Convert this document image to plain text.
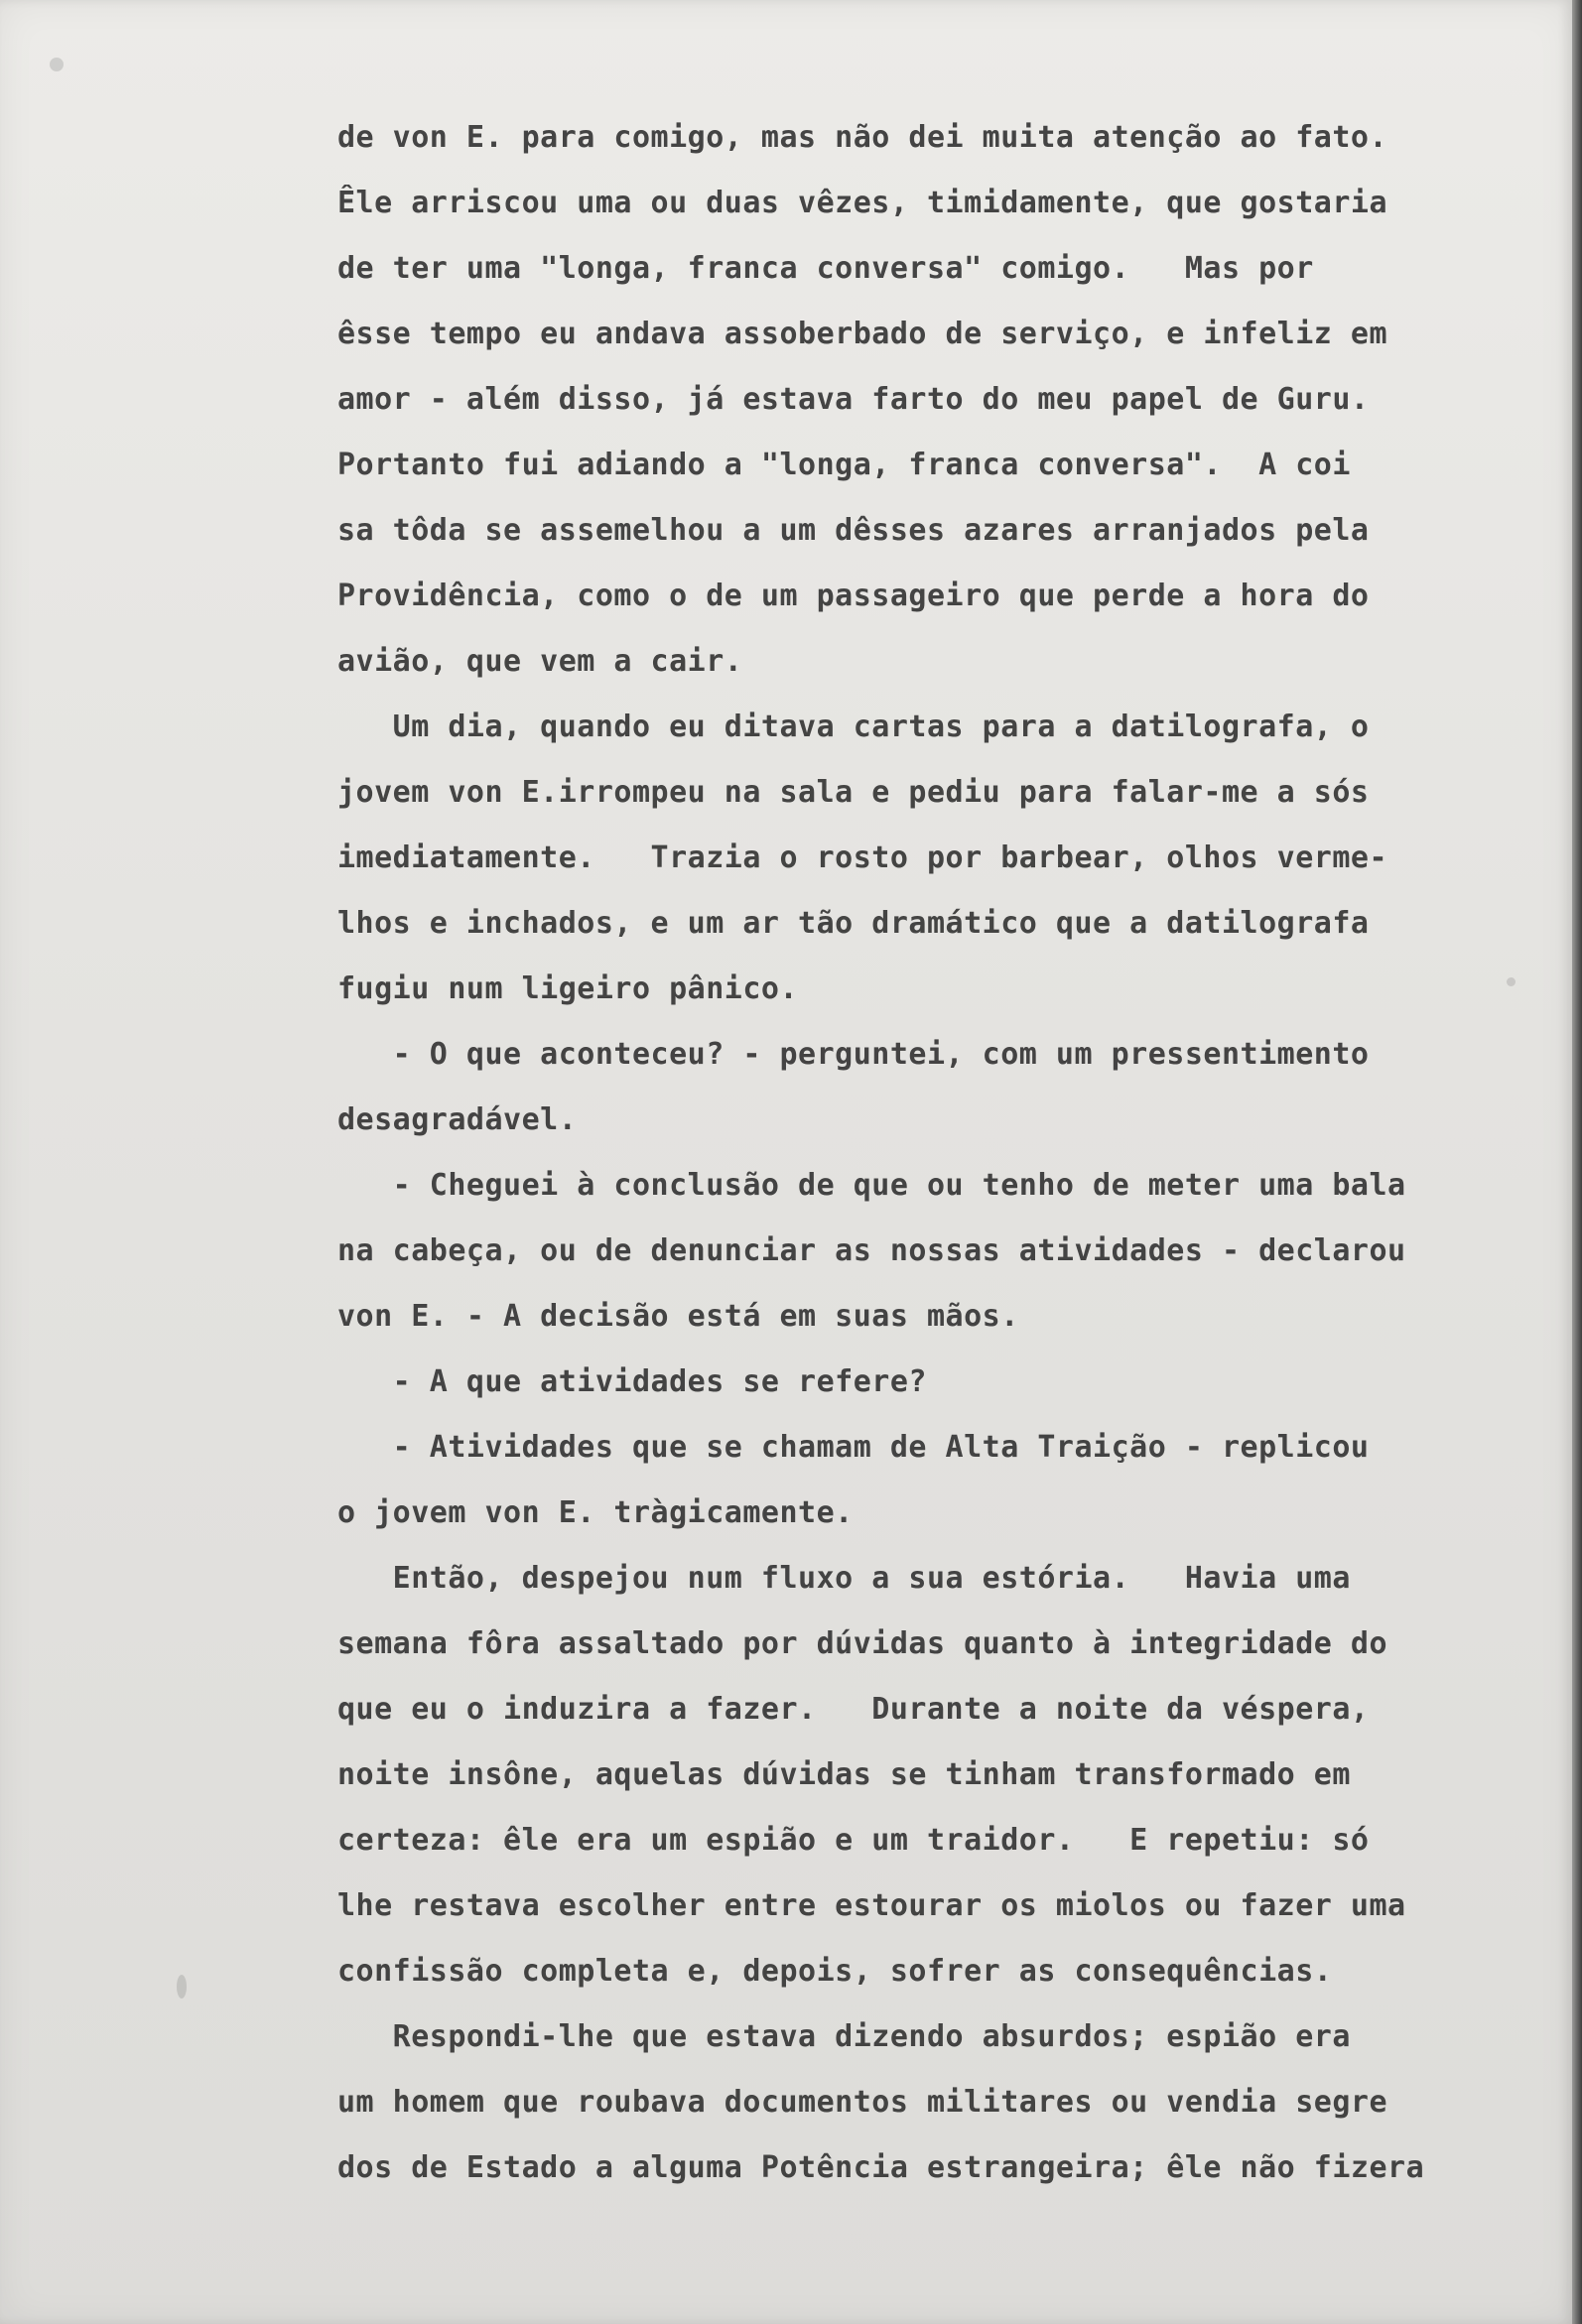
de von E. para comigo, mas não dei muita atenção ao fato.
Êle arriscou uma ou duas vêzes, timidamente, que gostaria
de ter uma "longa, franca conversa" comigo.   Mas por
êsse tempo eu andava assoberbado de serviço, e infeliz em
amor - além disso, já estava farto do meu papel de Guru.
Portanto fui adiando a "longa, franca conversa".  A coi
sa tôda se assemelhou a um dêsses azares arranjados pela
Providência, como o de um passageiro que perde a hora do
avião, que vem a cair.
Um dia, quando eu ditava cartas para a datilografa, o
jovem von E.irrompeu na sala e pediu para falar-me a sós
imediatamente.   Trazia o rosto por barbear, olhos verme-
lhos e inchados, e um ar tão dramático que a datilografa
fugiu num ligeiro pânico.
- O que aconteceu? - perguntei, com um pressentimento
desagradável.
- Cheguei à conclusão de que ou tenho de meter uma bala
na cabeça, ou de denunciar as nossas atividades - declarou
von E. - A decisão está em suas mãos.
- A que atividades se refere?
- Atividades que se chamam de Alta Traição - replicou
o jovem von E. tràgicamente.
Então, despejou num fluxo a sua estória.   Havia uma
semana fôra assaltado por dúvidas quanto à integridade do
que eu o induzira a fazer.   Durante a noite da véspera,
noite insône, aquelas dúvidas se tinham transformado em
certeza: êle era um espião e um traidor.   E repetiu: só
lhe restava escolher entre estourar os miolos ou fazer uma
confissão completa e, depois, sofrer as consequências.
Respondi-lhe que estava dizendo absurdos; espião era
um homem que roubava documentos militares ou vendia segre
dos de Estado a alguma Potência estrangeira; êle não fizera
